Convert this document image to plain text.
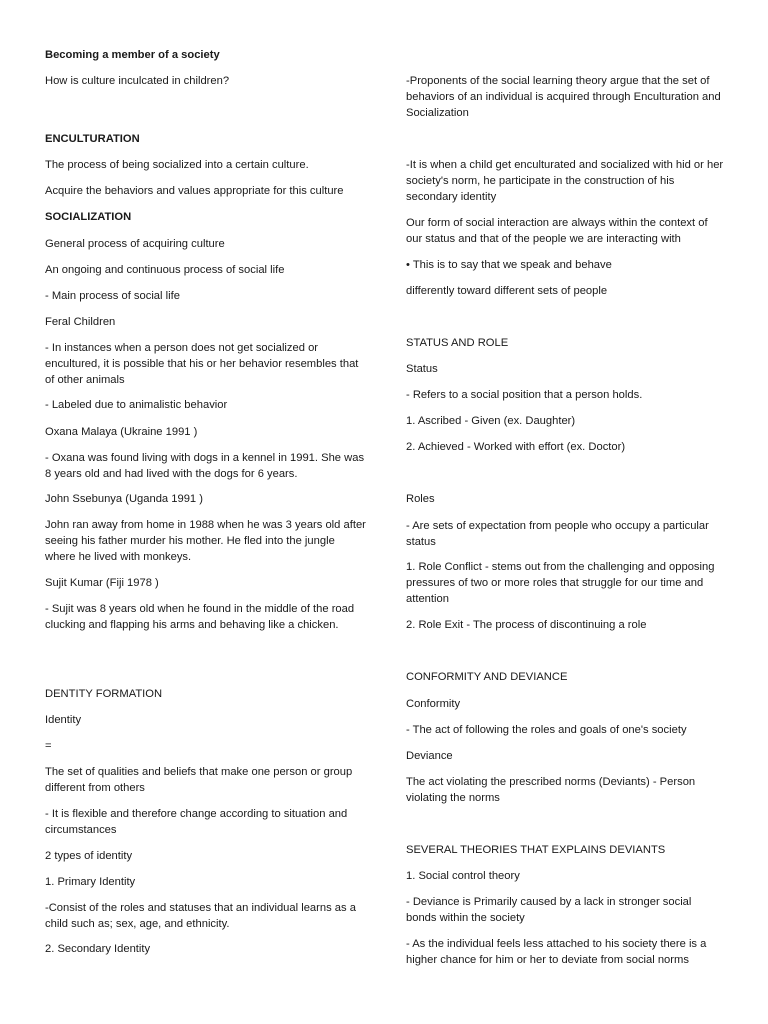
Becoming a member of a society

How is culture inculcated in children?

ENCULTURATION

The process of being socialized into a certain culture.

Acquire the behaviors and values appropriate for this culture

SOCIALIZATION

General process of acquiring culture

An ongoing and continuous process of social life

- Main process of social life

Feral Children

- In instances when a person does not get socialized or encultured, it is possible that his or her behavior resembles that of other animals

- Labeled due to animalistic behavior

Oxana Malaya (Ukraine 1991 )

- Oxana was found living with dogs in a kennel in 1991. She was 8 years old and had lived with the dogs for 6 years.

John Ssebunya (Uganda 1991 )

John ran away from home in 1988 when he was 3 years old after seeing his father murder his mother. He fled into the jungle where he lived with monkeys.

Sujit Kumar (Fiji 1978 )

- Sujit was 8 years old when he found in the middle of the road clucking and flapping his arms and behaving like a chicken.

DENTITY FORMATION

Identity

=

The set of qualities and beliefs that make one person or group different from others

- It is flexible and therefore change according to situation and circumstances

2 types of identity

1. Primary Identity

-Consist of the roles and statuses that an individual learns as a child such as; sex, age, and ethnicity.

2. Secondary Identity

-Proponents of the social learning theory argue that the set of behaviors of an individual is acquired through Enculturation and Socialization

-It is when a child get enculturated and socialized with hid or her society's norm, he participate in the construction of his secondary identity

Our form of social interaction are always within the context of our status and that of the people we are interacting with

• This is to say that we speak and behave

differently toward different sets of people

STATUS AND ROLE

Status

- Refers to a social position that a person holds.

1. Ascribed - Given (ex. Daughter)

2. Achieved - Worked with effort (ex. Doctor)

Roles

- Are sets of expectation from people who occupy a particular status

1. Role Conflict - stems out from the challenging and opposing pressures of two or more roles that struggle for our time and attention

2. Role Exit - The process of discontinuing a role

CONFORMITY AND DEVIANCE

Conformity

- The act of following the roles and goals of one's society

Deviance

The act violating the prescribed norms (Deviants) - Person violating the norms

SEVERAL THEORIES THAT EXPLAINS DEVIANTS

1. Social control theory

- Deviance is Primarily caused by a lack in stronger social bonds within the society

- As the individual feels less attached to his society there is a higher chance for him or her to deviate from social norms
